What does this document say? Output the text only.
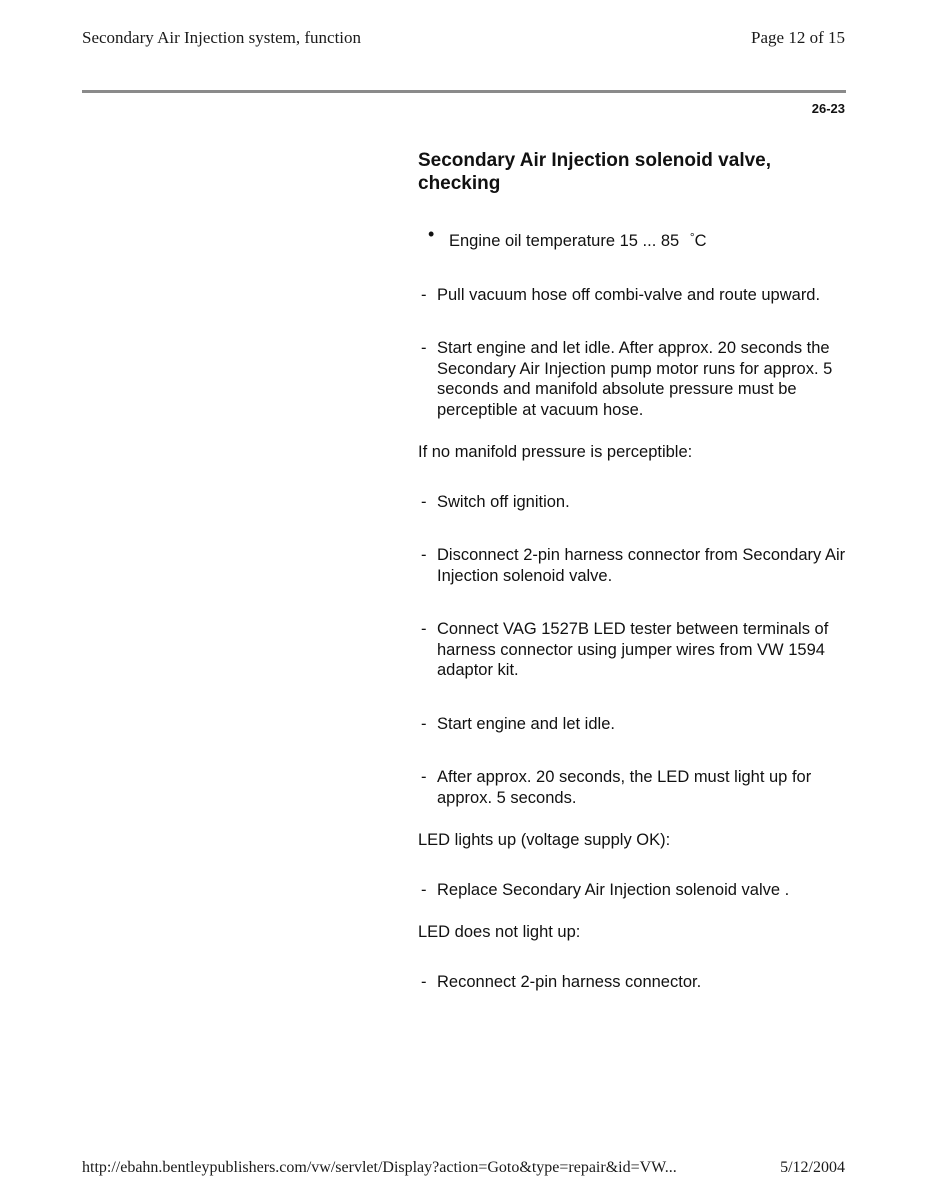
Secondary Air Injection system, function	Page 12 of 15
26-23
Secondary Air Injection solenoid valve, checking
• Engine oil temperature 15 ... 85 °C
- Pull vacuum hose off combi-valve and route upward.
- Start engine and let idle. After approx. 20 seconds the Secondary Air Injection pump motor runs for approx. 5 seconds and manifold absolute pressure must be perceptible at vacuum hose.
If no manifold pressure is perceptible:
- Switch off ignition.
- Disconnect 2-pin harness connector from Secondary Air Injection solenoid valve.
- Connect VAG 1527B LED tester between terminals of harness connector using jumper wires from VW 1594 adaptor kit.
- Start engine and let idle.
- After approx. 20 seconds, the LED must light up for approx. 5 seconds.
LED lights up (voltage supply OK):
- Replace Secondary Air Injection solenoid valve .
LED does not light up:
- Reconnect 2-pin harness connector.
http://ebahn.bentleypublishers.com/vw/servlet/Display?action=Goto&type=repair&id=VW...	5/12/2004
